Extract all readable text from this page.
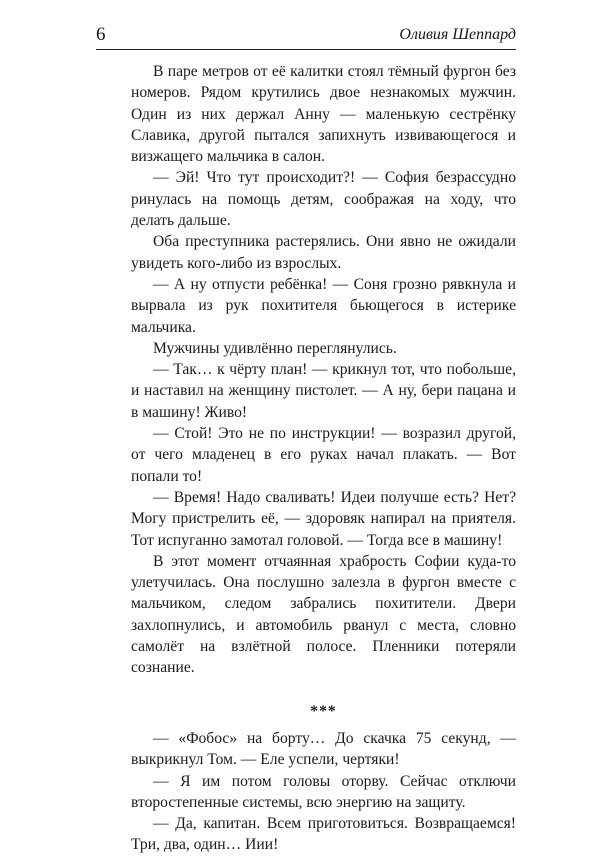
6	Оливия Шеппард

В паре метров от её калитки стоял тёмный фургон без номеров. Рядом крутились двое незнакомых мужчин. Один из них держал Анну — маленькую сестрёнку Славика, другой пытался запихнуть извивающегося и визжащего мальчика в салон.

— Эй! Что тут происходит?! — София безрассудно ринулась на помощь детям, соображая на ходу, что делать дальше.

Оба преступника растерялись. Они явно не ожидали увидеть кого-либо из взрослых.

— А ну отпусти ребёнка! — Соня грозно рявкнула и вырвала из рук похитителя бьющегося в истерике мальчика.

Мужчины удивлённо переглянулись.

— Так… к чёрту план! — крикнул тот, что побольше, и наставил на женщину пистолет. — А ну, бери пацана и в машину! Живо!

— Стой! Это не по инструкции! — возразил другой, от чего младенец в его руках начал плакать. — Вот попали то!

— Время! Надо сваливать! Идеи получше есть? Нет? Могу пристрелить её, — здоровяк напирал на приятеля. Тот испуганно замотал головой. — Тогда все в машину!

В этот момент отчаянная храбрость Софии куда-то улетучилась. Она послушно залезла в фургон вместе с мальчиком, следом забрались похитители. Двери захлопнулись, и автомобиль рванул с места, словно самолёт на взлётной полосе. Пленники потеряли сознание.

***

— «Фобос» на борту… До скачка 75 секунд, — выкрикнул Том. — Еле успели, чертяки!

— Я им потом головы оторву. Сейчас отключи второстепенные системы, всю энергию на защиту.

— Да, капитан. Всем приготовиться. Возвращаемся! Три, два, один… Иии!
